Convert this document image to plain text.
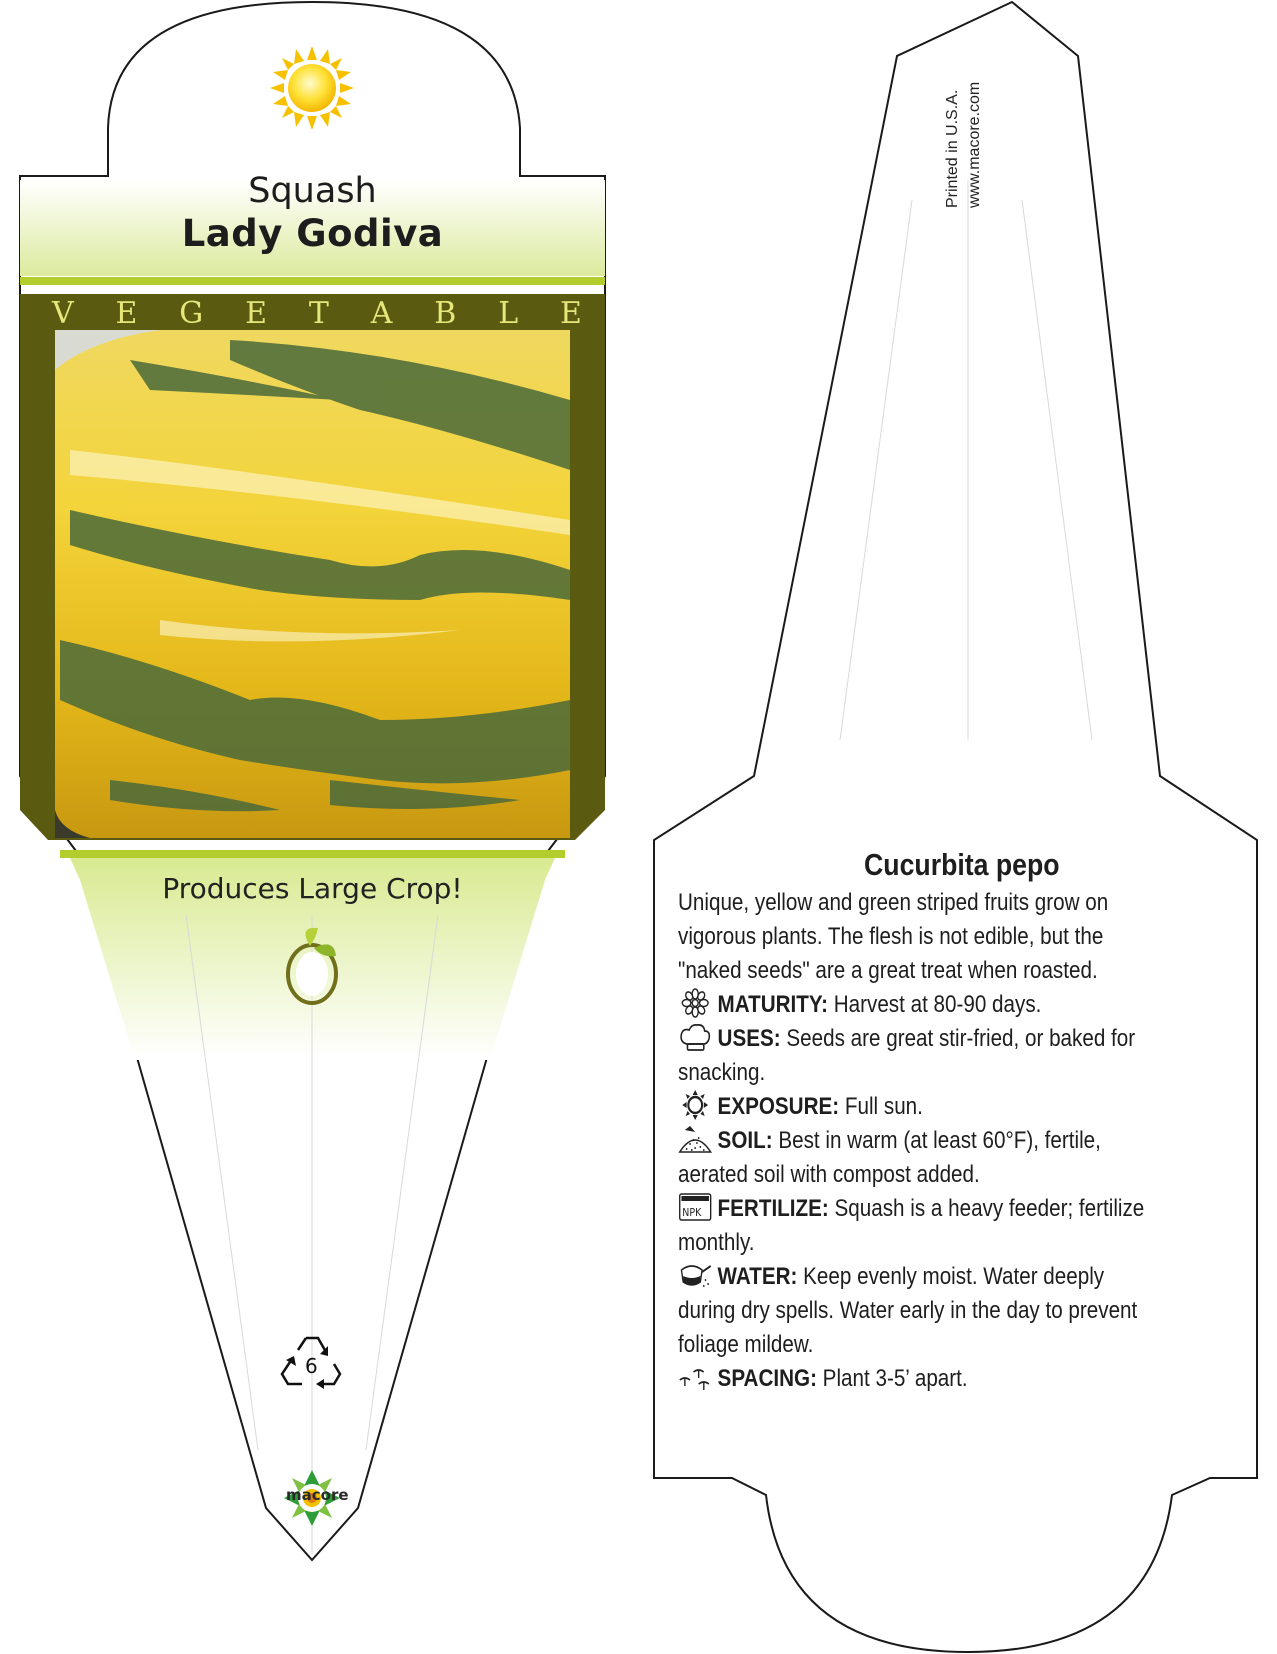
6
macore
Squash
Lady Godiva
V E G E T A B L E
Produces Large Crop!
Printed in U.S.A. www.macore.com
Cucurbita pepo
Unique, yellow and green striped fruits grow on vigorous plants. The flesh is not edible, but the "naked seeds" are a great treat when roasted.
MATURITY: Harvest at 80-90 days.
USES: Seeds are great stir-fried, or baked for snacking.
EXPOSURE: Full sun.
SOIL: Best in warm (at least 60°F), fertile, aerated soil with compost added.
NPK FERTILIZE: Squash is a heavy feeder; fertilize monthly.
WATER: Keep evenly moist. Water deeply during dry spells. Water early in the day to prevent foliage mildew.
SPACING: Plant 3-5’ apart.
